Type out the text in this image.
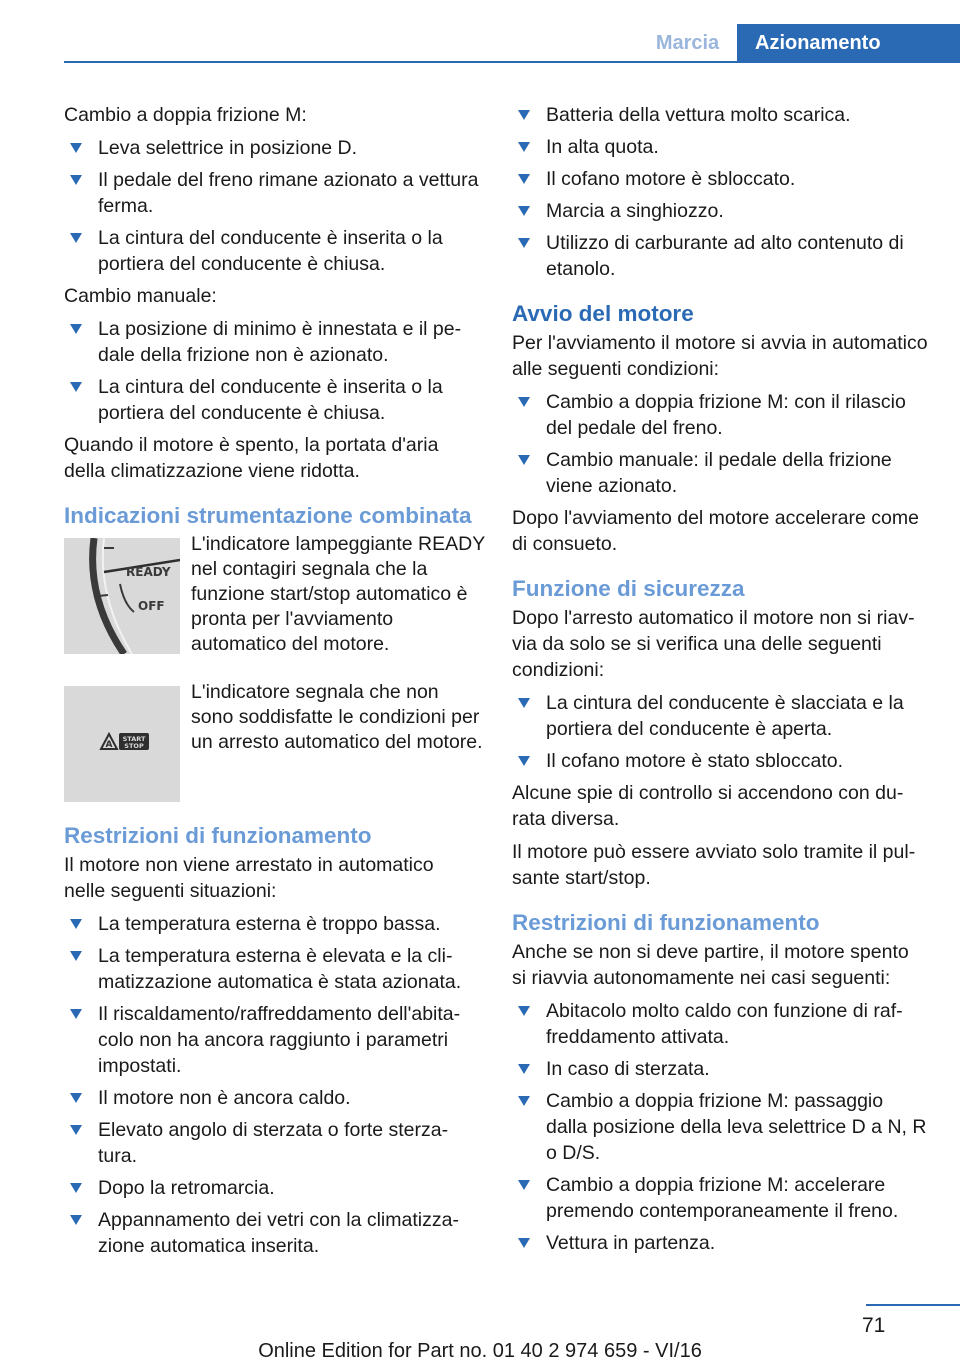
Marcia	Azionamento

Cambio a doppia frizione M:

Leva selettrice in posizione D.
Il pedale del freno rimane azionato a vettura ferma.
La cintura del conducente è inserita o la portiera del conducente è chiusa.

Cambio manuale:

La posizione di minimo è innestata e il pedale della frizione non è azionato.
La cintura del conducente è inserita o la portiera del conducente è chiusa.

Quando il motore è spento, la portata d'aria della climatizzazione viene ridotta.

Indicazioni strumentazione combinata
READY
OFF
L'indicatore lampeggiante READY nel contagiri segnala che la funzione start/stop automatico è pronta per l'avviamento automatico del motore.
A
START
STOP
L'indicatore segnala che non sono soddisfatte le condizioni per un arresto automatico del motore.
Restrizioni di funzionamento

Il motore non viene arrestato in automatico nelle seguenti situazioni:

La temperatura esterna è troppo bassa.
La temperatura esterna è elevata e la climatizzazione automatica è stata azionata.
Il riscaldamento/raffreddamento dell'abitacolo non ha ancora raggiunto i parametri impostati.
Il motore non è ancora caldo.
Elevato angolo di sterzata o forte sterzatura.
Dopo la retromarcia.
Appannamento dei vetri con la climatizzazione automatica inserita.
Batteria della vettura molto scarica.
In alta quota.
Il cofano motore è sbloccato.
Marcia a singhiozzo.
Utilizzo di carburante ad alto contenuto di etanolo.
Avvio del motore

Per l'avviamento il motore si avvia in automatico alle seguenti condizioni:

Cambio a doppia frizione M: con il rilascio del pedale del freno.
Cambio manuale: il pedale della frizione viene azionato.

Dopo l'avviamento del motore accelerare come di consueto.

Funzione di sicurezza

Dopo l'arresto automatico il motore non si riavvia da solo se si verifica una delle seguenti condizioni:

La cintura del conducente è slacciata e la portiera del conducente è aperta.
Il cofano motore è stato sbloccato.

Alcune spie di controllo si accendono con durata diversa.

Il motore può essere avviato solo tramite il pulsante start/stop.

Restrizioni di funzionamento

Anche se non si deve partire, il motore spento si riavvia autonomamente nei casi seguenti:

Abitacolo molto caldo con funzione di raffreddamento attivata.
In caso di sterzata.
Cambio a doppia frizione M: passaggio dalla posizione della leva selettrice D a N, R o D/S.
Cambio a doppia frizione M: accelerare premendo contemporaneamente il freno.
Vettura in partenza.
71
Online Edition for Part no. 01 40 2 974 659 - VI/16
